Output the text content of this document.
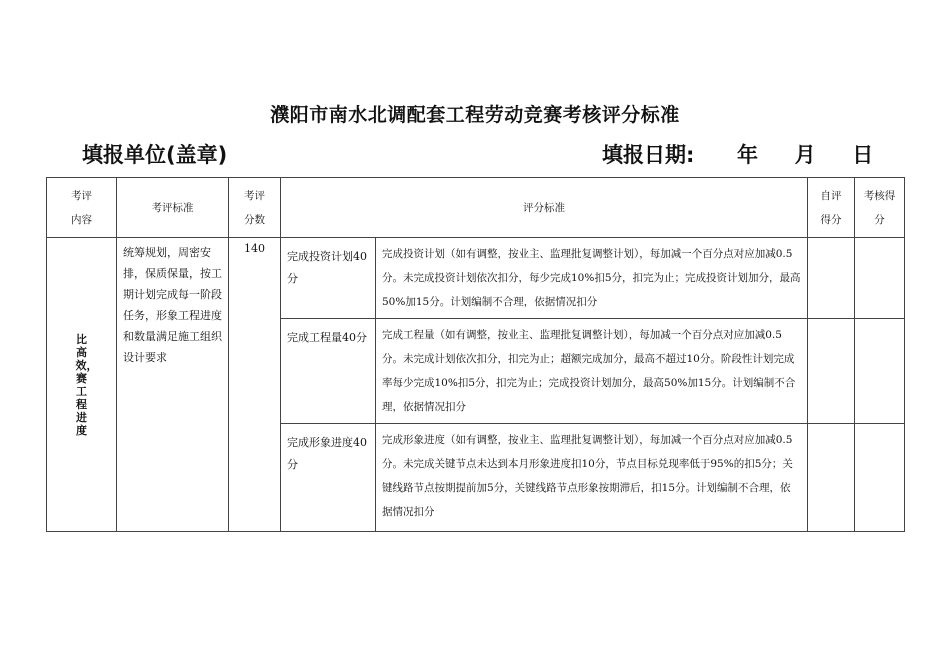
濮阳市南水北调配套工程劳动竞赛考核评分标准
填报单位(盖章)	填报日期: 年 月 日
考评内容	考评标准	考评分数	评分标准		自评得分	考核得分
比高效，赛工程进度	统筹规划，周密安排，保质保量，按工期计划完成每一阶段任务，形象工程进度和数量满足施工组织设计要求	140	完成投资计划40分	完成投资计划（如有调整，按业主、监理批复调整计划），每加减一个百分点对应加减0.5分。未完成投资计划依次扣分，每少完成10%扣5分，扣完为止；完成投资计划加分，最高50%加15分。计划编制不合理，依据情况扣分		
			完成工程量40分	完成工程量（如有调整，按业主、监理批复调整计划），每加减一个百分点对应加减0.5分。未完成计划依次扣分，扣完为止；超额完成加分，最高不超过10分。阶段性计划完成率每少完成10%扣5分，扣完为止；完成投资计划加分，最高50%加15分。计划编制不合理，依据情况扣分		
			完成形象进度40分	完成形象进度（如有调整，按业主、监理批复调整计划），每加减一个百分点对应加减0.5分。未完成关键节点未达到本月形象进度扣10分，节点目标兑现率低于95%的扣5分；关键线路节点按期提前加5分，关键线路节点形象按期滞后，扣15分。计划编制不合理，依据情况扣分		
